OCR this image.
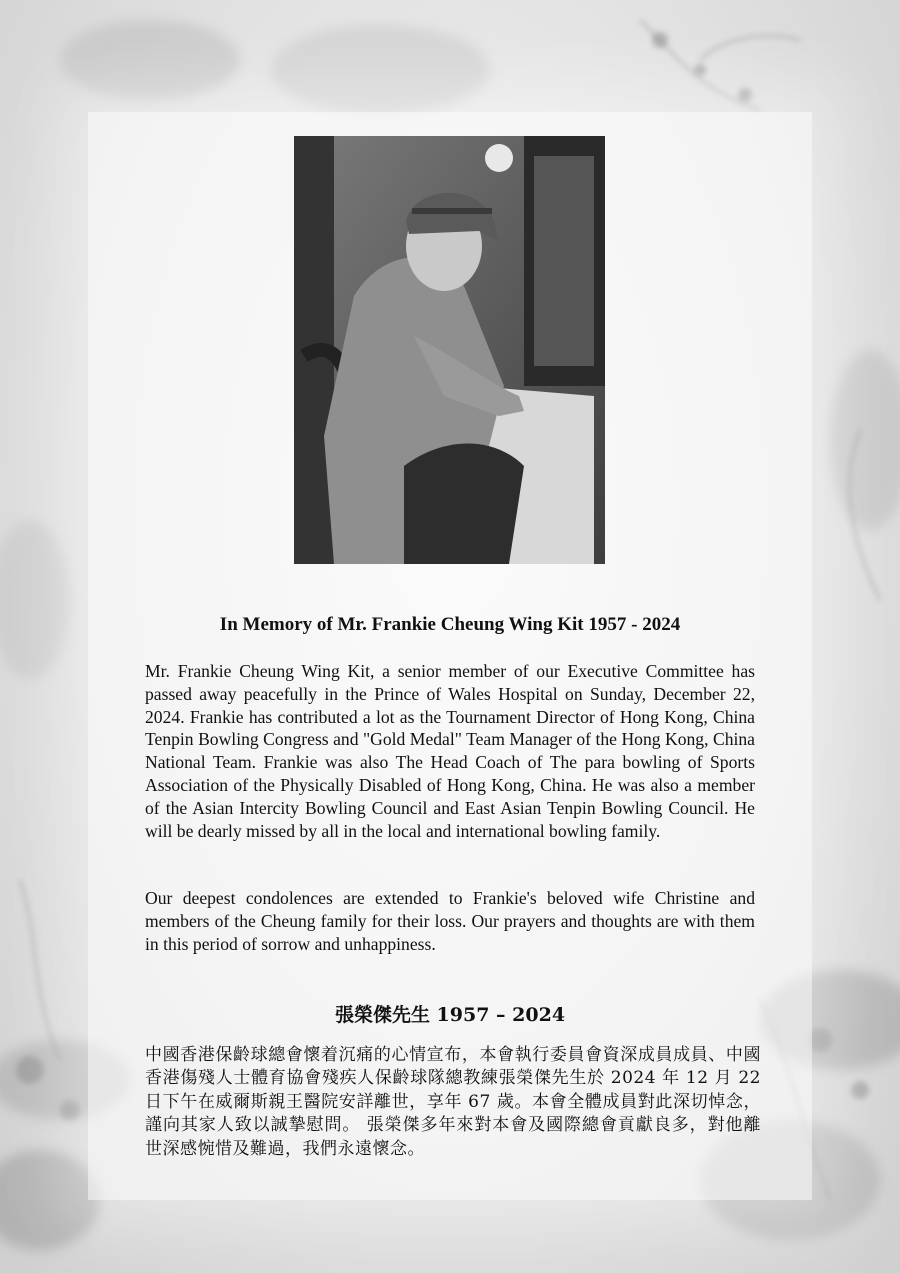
In Memory of Mr. Frankie Cheung Wing Kit 1957 - 2024

Mr. Frankie Cheung Wing Kit, a senior member of our Executive Committee has passed away peacefully in the Prince of Wales Hospital on Sunday, December 22, 2024. Frankie has contributed a lot as the Tournament Director of Hong Kong, China Tenpin Bowling Congress and "Gold Medal" Team Manager of the Hong Kong, China National Team. Frankie was also The Head Coach of The para bowling of Sports Association of the Physically Disabled of Hong Kong, China. He was also a member of the Asian Intercity Bowling Council and East Asian Tenpin Bowling Council. He will be dearly missed by all in the local and international bowling family.

Our deepest condolences are extended to Frankie's beloved wife Christine and members of the Cheung family for their loss. Our prayers and thoughts are with them in this period of sorrow and unhappiness.

張榮傑先生 1957 – 2024

中國香港保齡球總會懷着沉痛的心情宣布，本會執行委員會資深成員成員、中國香港傷殘人士體育協會殘疾人保齡球隊總教練張榮傑先生於 2024 年 12 月 22 日下午在威爾斯親王醫院安詳離世，享年 67 歲。本會全體成員對此深切悼念，謹向其家人致以誠摯慰問。 張榮傑多年來對本會及國際總會貢獻良多，對他離世深感惋惜及難過，我們永遠懷念。
